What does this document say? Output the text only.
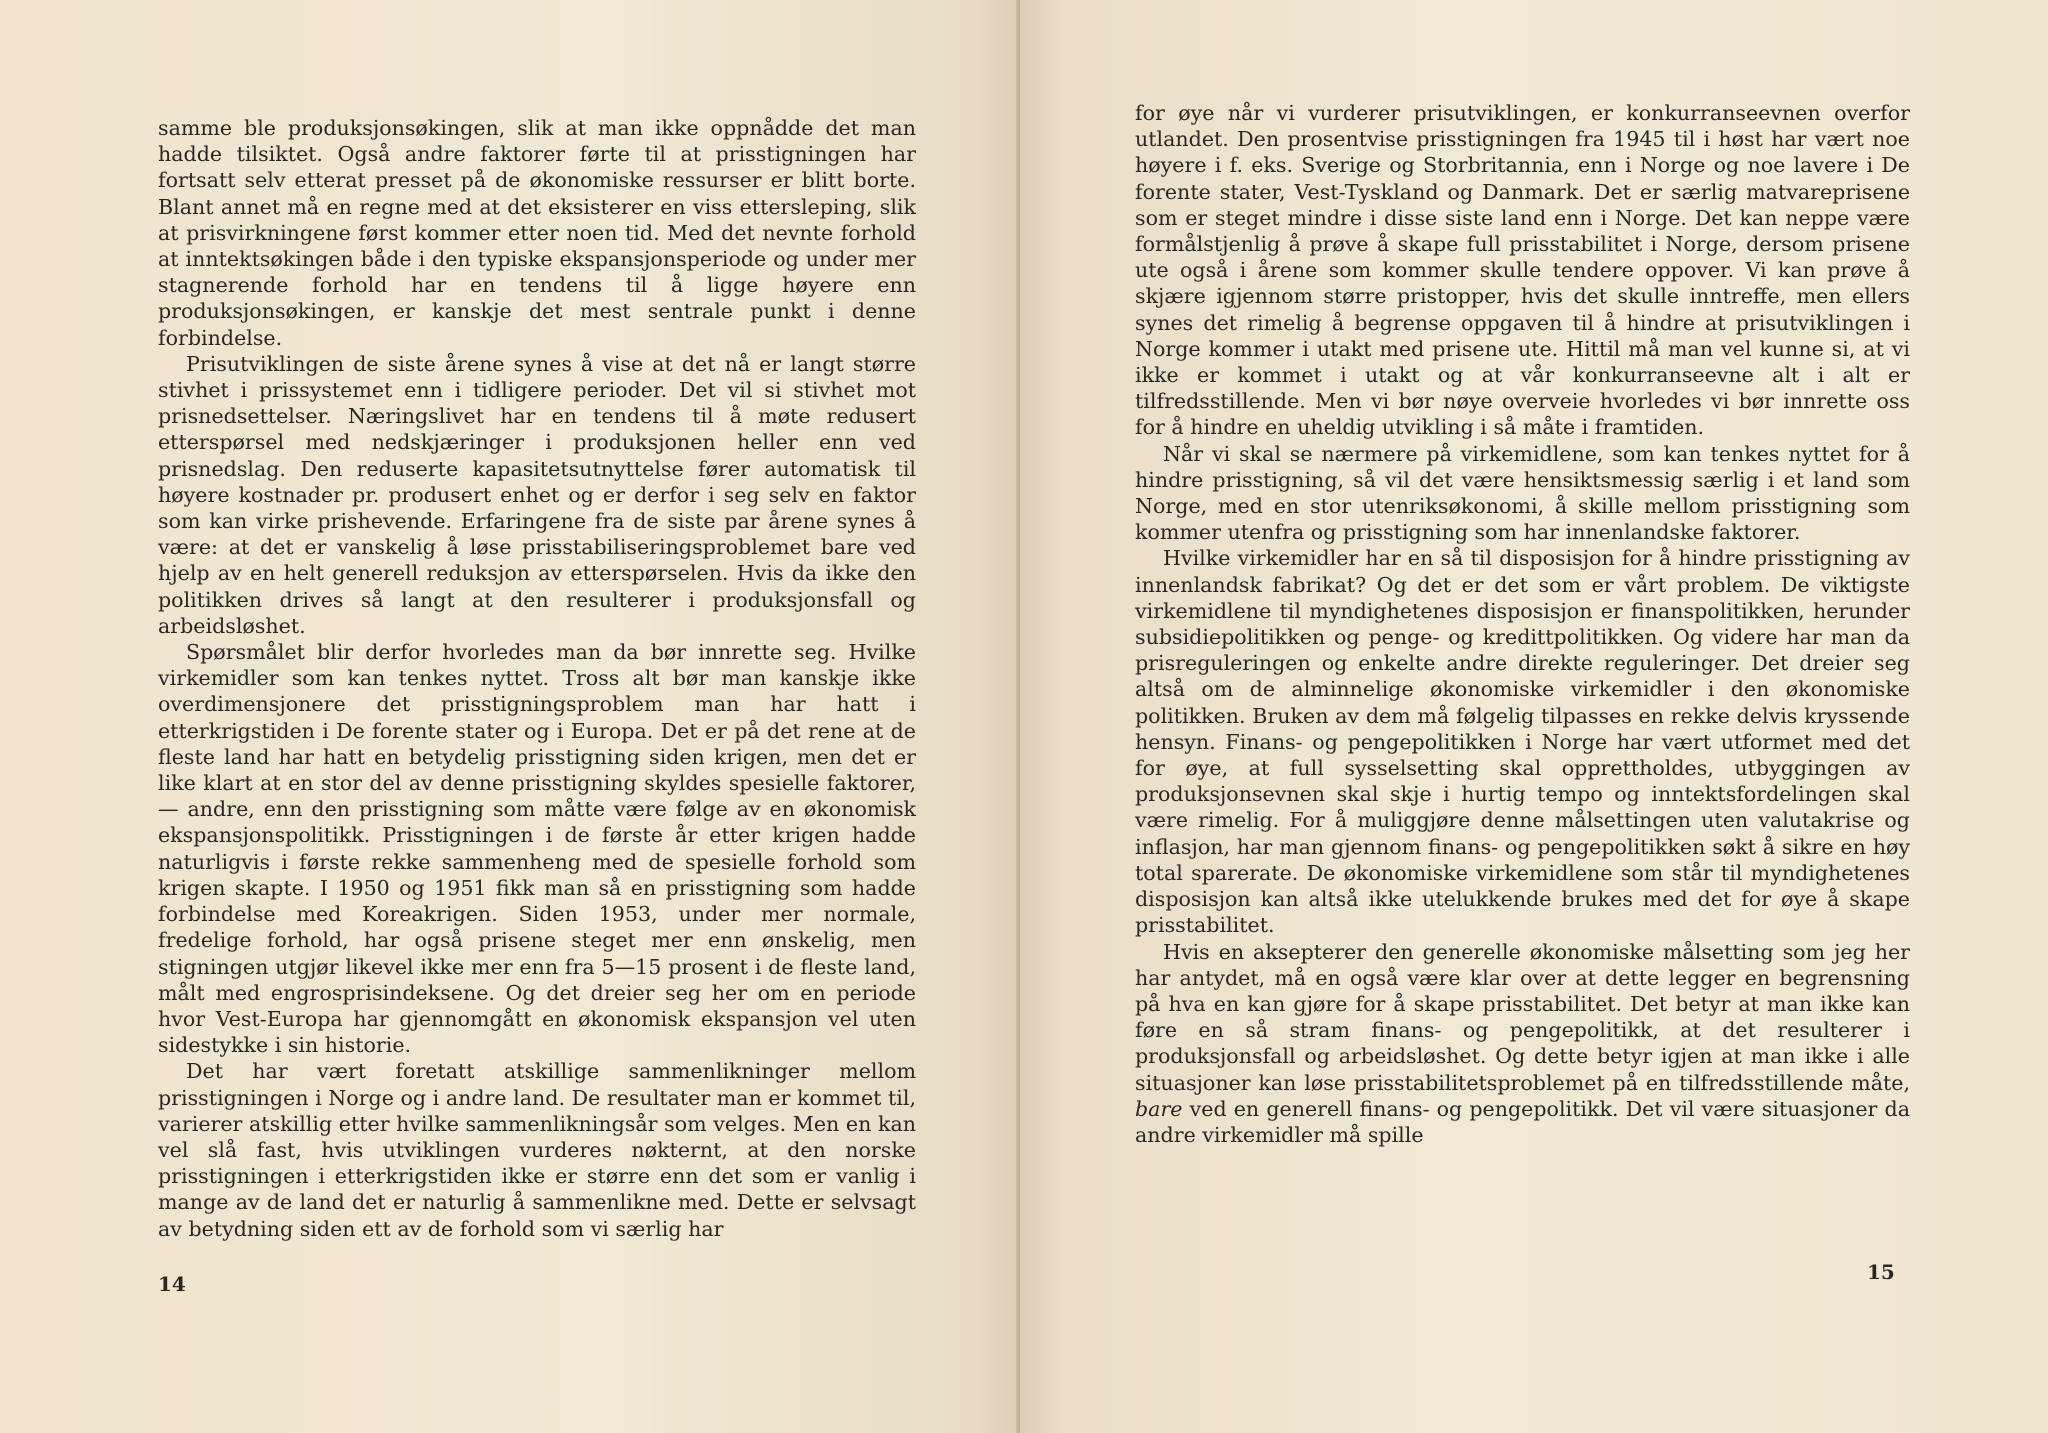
samme ble produksjonsøkingen, slik at man ikke oppnådde det man hadde tilsiktet. Også andre faktorer førte til at prisstigningen har fortsatt selv etterat presset på de økonomiske ressurser er blitt borte. Blant annet må en regne med at det eksisterer en viss ettersleping, slik at prisvirkningene først kommer etter noen tid. Med det nevnte forhold at inntektsøkingen både i den typiske ekspansjonsperiode og under mer stagnerende forhold har en tendens til å ligge høyere enn produksjonsøkingen, er kanskje det mest sentrale punkt i denne forbindelse.

Prisutviklingen de siste årene synes å vise at det nå er langt større stivhet i prissystemet enn i tidligere perioder. Det vil si stivhet mot prisnedsettelser. Næringslivet har en tendens til å møte redusert etterspørsel med nedskjæringer i produksjonen heller enn ved prisnedslag. Den reduserte kapasitetsutnyttelse fører automatisk til høyere kostnader pr. produsert enhet og er derfor i seg selv en faktor som kan virke prishevende. Erfaringene fra de siste par årene synes å være: at det er vanskelig å løse prisstabiliseringsproblemet bare ved hjelp av en helt generell reduksjon av etterspørselen. Hvis da ikke den politikken drives så langt at den resulterer i produksjonsfall og arbeidsløshet.

Spørsmålet blir derfor hvorledes man da bør innrette seg. Hvilke virkemidler som kan tenkes nyttet. Tross alt bør man kanskje ikke overdimensjonere det prisstigningsproblem man har hatt i etterkrigstiden i De forente stater og i Europa. Det er på det rene at de fleste land har hatt en betydelig prisstigning siden krigen, men det er like klart at en stor del av denne prisstigning skyldes spesielle faktorer, — andre, enn den prisstigning som måtte være følge av en økonomisk ekspansjonspolitikk. Prisstigningen i de første år etter krigen hadde naturligvis i første rekke sammenheng med de spesielle forhold som krigen skapte. I 1950 og 1951 fikk man så en prisstigning som hadde forbindelse med Koreakrigen. Siden 1953, under mer normale, fredelige forhold, har også prisene steget mer enn ønskelig, men stigningen utgjør likevel ikke mer enn fra 5—15 prosent i de fleste land, målt med engrosprisindeksene. Og det dreier seg her om en periode hvor Vest-Europa har gjennomgått en økonomisk ekspansjon vel uten sidestykke i sin historie.

Det har vært foretatt atskillige sammenlikninger mellom prisstigningen i Norge og i andre land. De resultater man er kommet til, varierer atskillig etter hvilke sammenlikningsår som velges. Men en kan vel slå fast, hvis utviklingen vurderes nøkternt, at den norske prisstigningen i etterkrigstiden ikke er større enn det som er vanlig i mange av de land det er naturlig å sammenlikne med. Dette er selvsagt av betydning siden ett av de forhold som vi særlig har

14

for øye når vi vurderer prisutviklingen, er konkurranseevnen overfor utlandet. Den prosentvise prisstigningen fra 1945 til i høst har vært noe høyere i f. eks. Sverige og Storbritannia, enn i Norge og noe lavere i De forente stater, Vest-Tyskland og Danmark. Det er særlig matvareprisene som er steget mindre i disse siste land enn i Norge. Det kan neppe være formålstjenlig å prøve å skape full prisstabilitet i Norge, dersom prisene ute også i årene som kommer skulle tendere oppover. Vi kan prøve å skjære igjennom større pristopper, hvis det skulle inntreffe, men ellers synes det rimelig å begrense oppgaven til å hindre at prisutviklingen i Norge kommer i utakt med prisene ute. Hittil må man vel kunne si, at vi ikke er kommet i utakt og at vår konkurranseevne alt i alt er tilfredsstillende. Men vi bør nøye overveie hvorledes vi bør innrette oss for å hindre en uheldig utvikling i så måte i framtiden.

Når vi skal se nærmere på virkemidlene, som kan tenkes nyttet for å hindre prisstigning, så vil det være hensiktsmessig særlig i et land som Norge, med en stor utenriksøkonomi, å skille mellom prisstigning som kommer utenfra og prisstigning som har innenlandske faktorer.

Hvilke virkemidler har en så til disposisjon for å hindre prisstigning av innenlandsk fabrikat? Og det er det som er vårt problem. De viktigste virkemidlene til myndighetenes disposisjon er finanspolitikken, herunder subsidiepolitikken og penge- og kredittpolitikken. Og videre har man da prisreguleringen og enkelte andre direkte reguleringer. Det dreier seg altså om de alminnelige økonomiske virkemidler i den økonomiske politikken. Bruken av dem må følgelig tilpasses en rekke delvis kryssende hensyn. Finans- og pengepolitikken i Norge har vært utformet med det for øye, at full sysselsetting skal opprettholdes, utbyggingen av produksjonsevnen skal skje i hurtig tempo og inntektsfordelingen skal være rimelig. For å muliggjøre denne målsettingen uten valutakrise og inflasjon, har man gjennom finans- og pengepolitikken søkt å sikre en høy total sparerate. De økonomiske virkemidlene som står til myndighetenes disposisjon kan altså ikke utelukkende brukes med det for øye å skape prisstabilitet.

Hvis en aksepterer den generelle økonomiske målsetting som jeg her har antydet, må en også være klar over at dette legger en begrensning på hva en kan gjøre for å skape prisstabilitet. Det betyr at man ikke kan føre en så stram finans- og pengepolitikk, at det resulterer i produksjonsfall og arbeidsløshet. Og dette betyr igjen at man ikke i alle situasjoner kan løse prisstabilitetsproblemet på en tilfredsstillende måte, bare ved en generell finans- og pengepolitikk. Det vil være situasjoner da andre virkemidler må spille

15
